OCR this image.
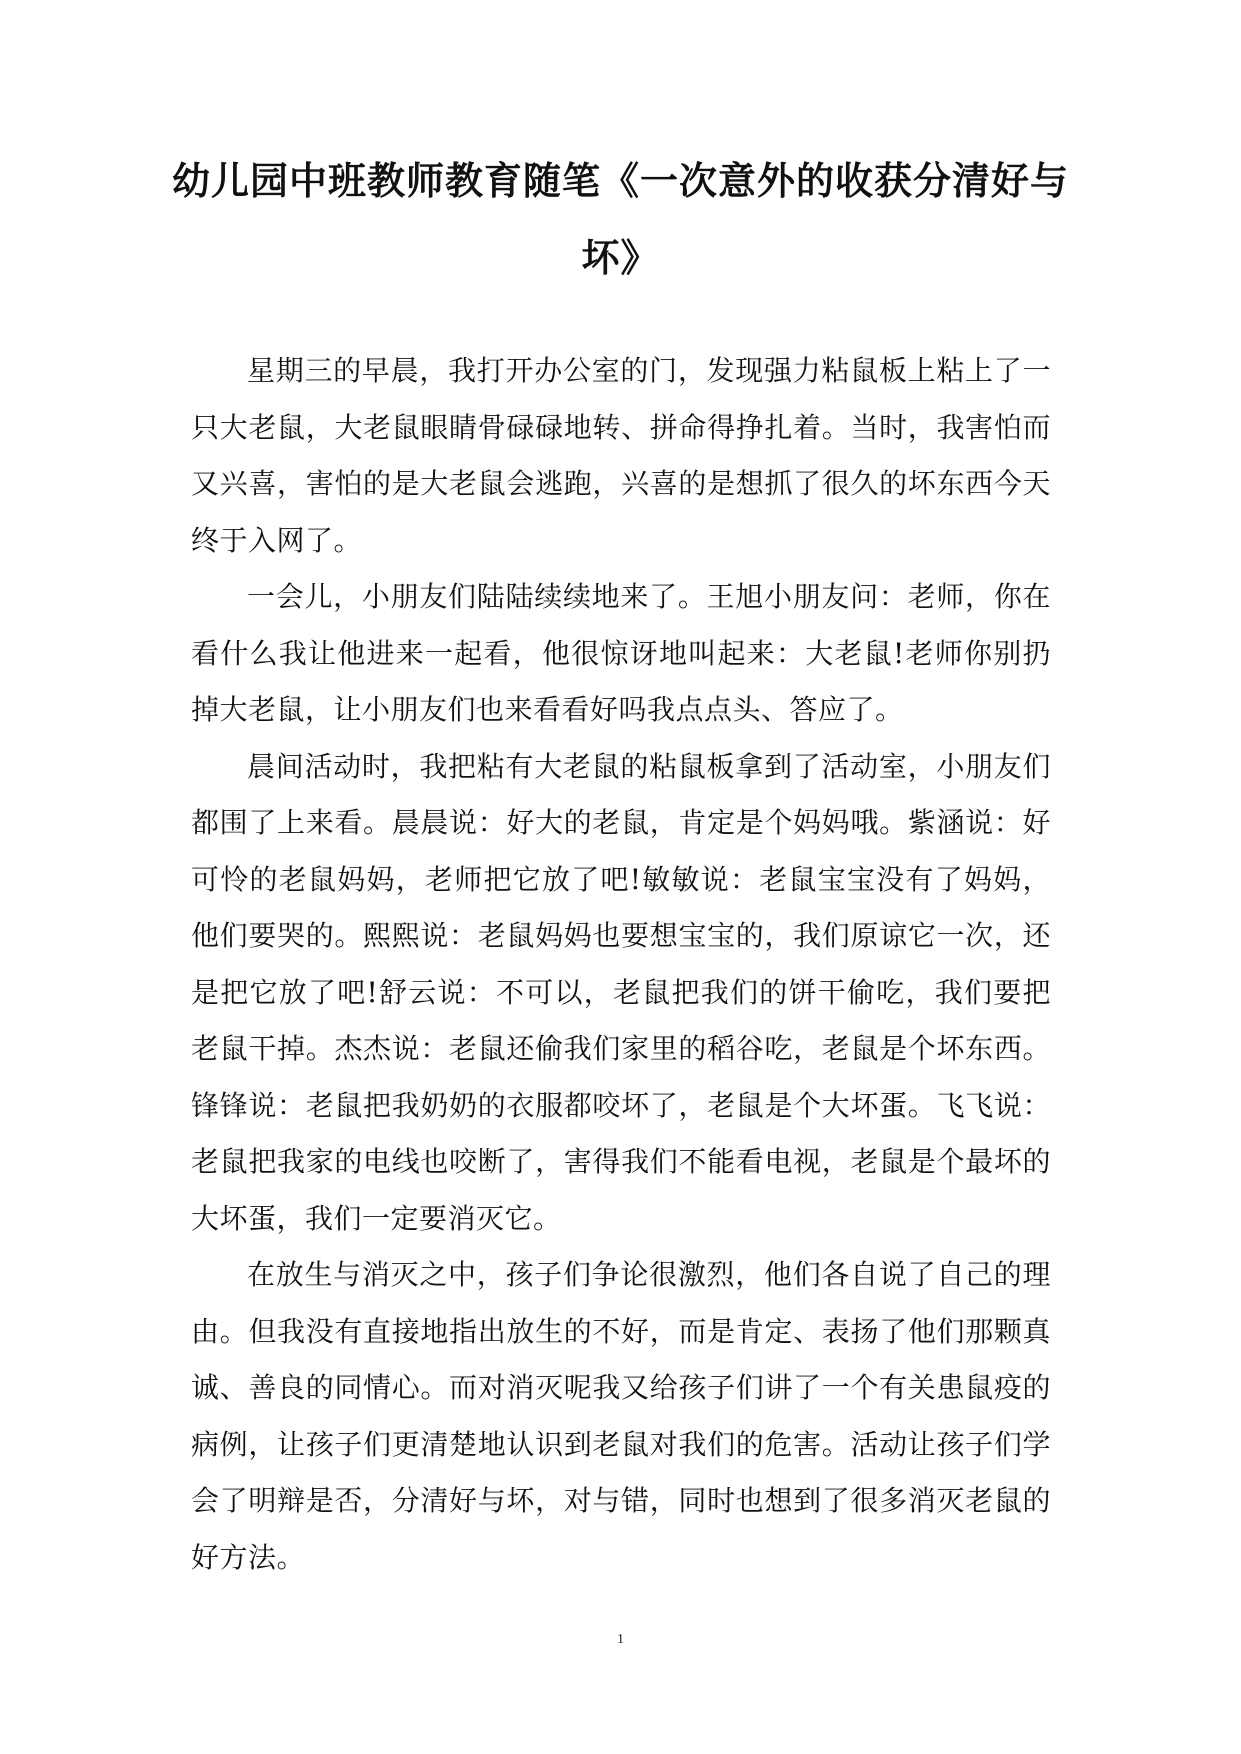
幼儿园中班教师教育随笔《一次意外的收获分清好与坏》

星期三的早晨，我打开办公室的门，发现强力粘鼠板上粘上了一只大老鼠，大老鼠眼睛骨碌碌地转、拼命得挣扎着。当时，我害怕而又兴喜，害怕的是大老鼠会逃跑，兴喜的是想抓了很久的坏东西今天终于入网了。

一会儿，小朋友们陆陆续续地来了。王旭小朋友问：老师，你在看什么我让他进来一起看，他很惊讶地叫起来：大老鼠!老师你别扔掉大老鼠，让小朋友们也来看看好吗我点点头、答应了。

晨间活动时，我把粘有大老鼠的粘鼠板拿到了活动室，小朋友们都围了上来看。晨晨说：好大的老鼠，肯定是个妈妈哦。紫涵说：好可怜的老鼠妈妈，老师把它放了吧!敏敏说：老鼠宝宝没有了妈妈，他们要哭的。熙熙说：老鼠妈妈也要想宝宝的，我们原谅它一次，还是把它放了吧!舒云说：不可以，老鼠把我们的饼干偷吃，我们要把老鼠干掉。杰杰说：老鼠还偷我们家里的稻谷吃，老鼠是个坏东西。锋锋说：老鼠把我奶奶的衣服都咬坏了，老鼠是个大坏蛋。飞飞说：老鼠把我家的电线也咬断了，害得我们不能看电视，老鼠是个最坏的大坏蛋，我们一定要消灭它。

在放生与消灭之中，孩子们争论很激烈，他们各自说了自己的理由。但我没有直接地指出放生的不好，而是肯定、表扬了他们那颗真诚、善良的同情心。而对消灭呢我又给孩子们讲了一个有关患鼠疫的病例，让孩子们更清楚地认识到老鼠对我们的危害。活动让孩子们学会了明辩是否，分清好与坏，对与错，同时也想到了很多消灭老鼠的好方法。

1
